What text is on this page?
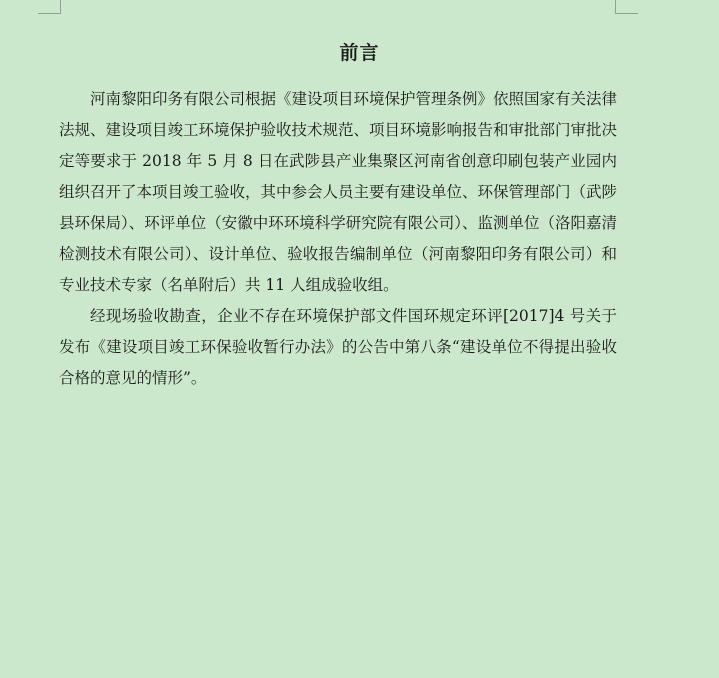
前言

河南黎阳印务有限公司根据《建设项目环境保护管理条例》依照国家有关法律法规、建设项目竣工环境保护验收技术规范、项目环境影响报告和审批部门审批决定等要求于 2018 年 5 月 8 日在武陟县产业集聚区河南省创意印刷包装产业园内组织召开了本项目竣工验收，其中参会人员主要有建设单位、环保管理部门（武陟县环保局）、环评单位（安徽中环环境科学研究院有限公司）、监测单位（洛阳嘉清检测技术有限公司）、设计单位、验收报告编制单位（河南黎阳印务有限公司）和专业技术专家（名单附后）共 11 人组成验收组。

经现场验收勘查，企业不存在环境保护部文件国环规定环评[2017]4 号关于发布《建设项目竣工环保验收暂行办法》的公告中第八条“建设单位不得提出验收合格的意见的情形”。
